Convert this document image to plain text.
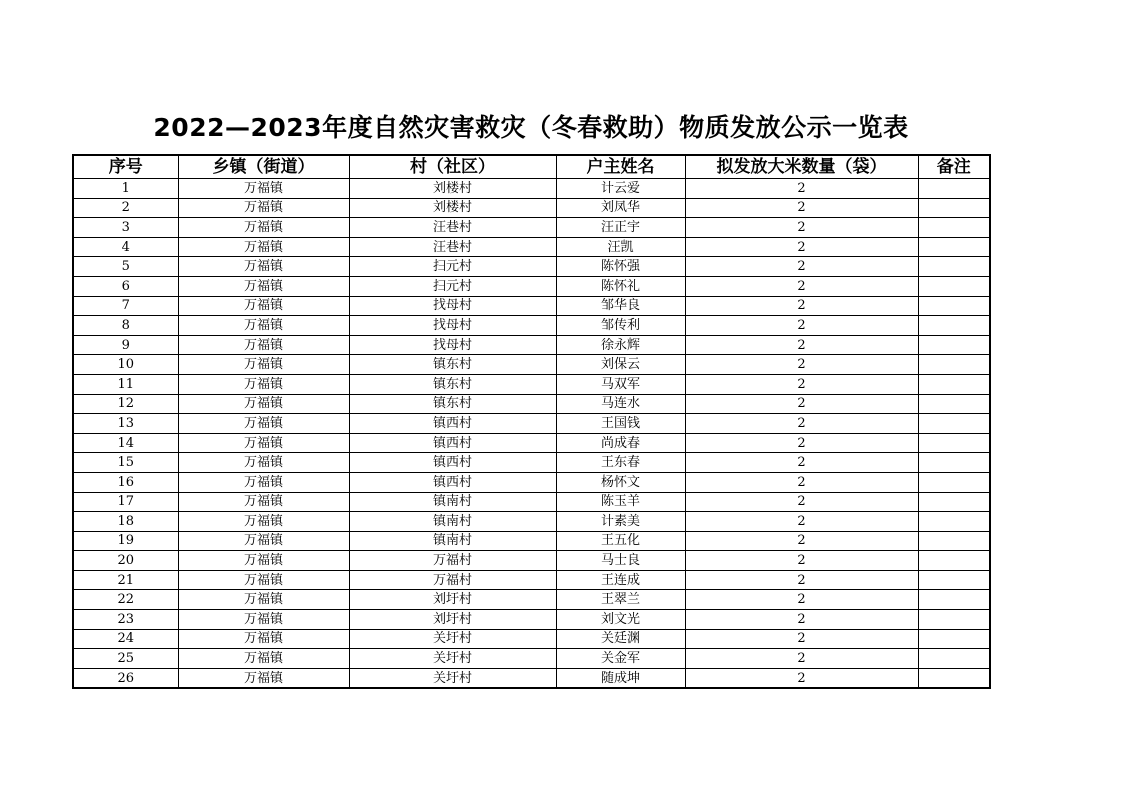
2022—2023年度自然灾害救灾（冬春救助）物质发放公示一览表
序号	乡镇（街道）	村（社区）	户主姓名	拟发放大米数量（袋）	备注
1	万福镇	刘楼村	计云爱	2	
2	万福镇	刘楼村	刘凤华	2	
3	万福镇	汪巷村	汪正宇	2	
4	万福镇	汪巷村	汪凯	2	
5	万福镇	扫元村	陈怀强	2	
6	万福镇	扫元村	陈怀礼	2	
7	万福镇	找母村	邹华良	2	
8	万福镇	找母村	邹传利	2	
9	万福镇	找母村	徐永辉	2	
10	万福镇	镇东村	刘保云	2	
11	万福镇	镇东村	马双军	2	
12	万福镇	镇东村	马连水	2	
13	万福镇	镇西村	王国钱	2	
14	万福镇	镇西村	尚成春	2	
15	万福镇	镇西村	王东春	2	
16	万福镇	镇西村	杨怀文	2	
17	万福镇	镇南村	陈玉羊	2	
18	万福镇	镇南村	计素美	2	
19	万福镇	镇南村	王五化	2	
20	万福镇	万福村	马士良	2	
21	万福镇	万福村	王连成	2	
22	万福镇	刘圩村	王翠兰	2	
23	万福镇	刘圩村	刘文光	2	
24	万福镇	关圩村	关廷渊	2	
25	万福镇	关圩村	关金军	2	
26	万福镇	关圩村	随成坤	2	
